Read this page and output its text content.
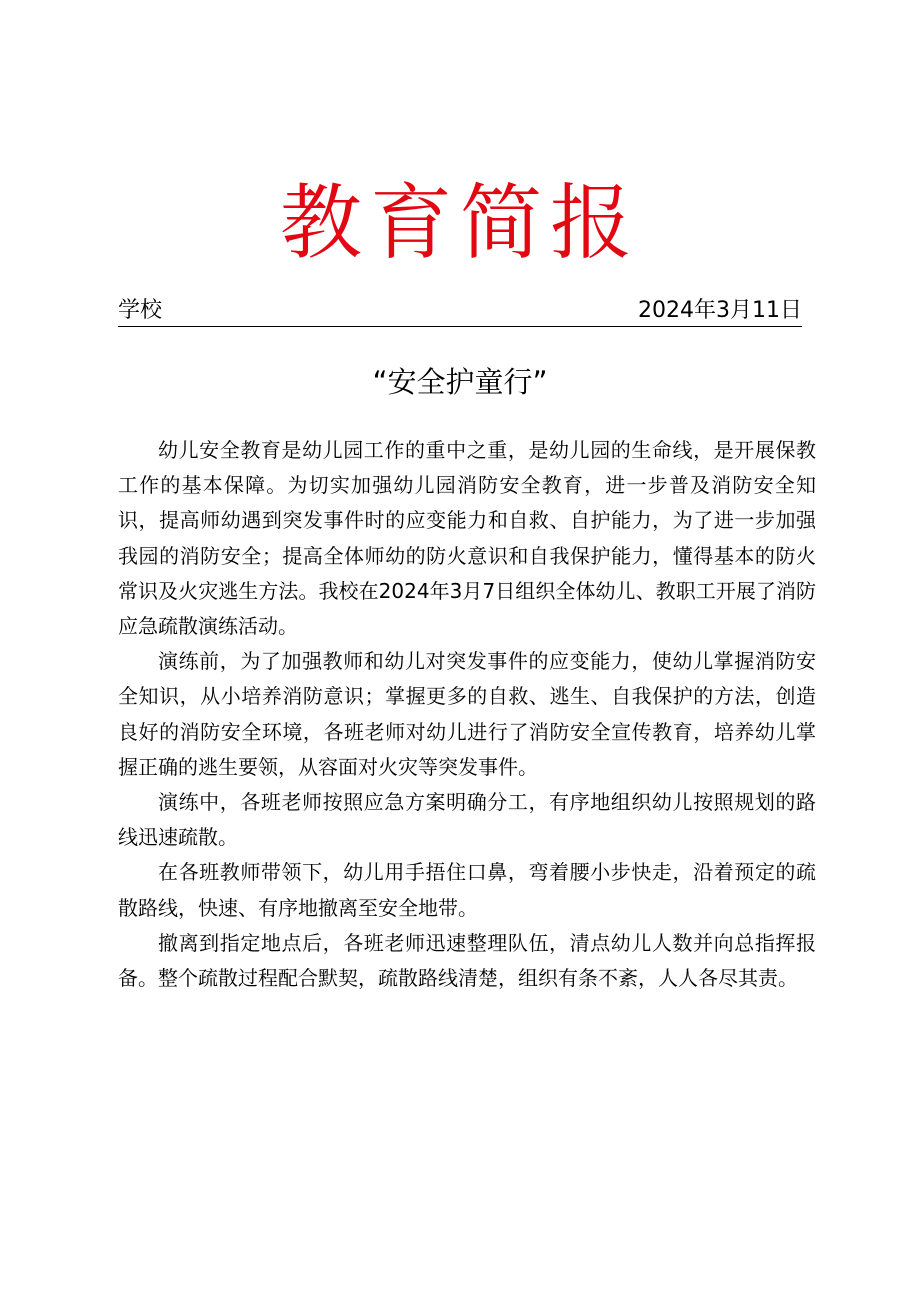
教育简报
学校	2024年3月11日
“安全护童行”

幼儿安全教育是幼儿园工作的重中之重，是幼儿园的生命线，是开展保教工作的基本保障。为切实加强幼儿园消防安全教育，进一步普及消防安全知识，提高师幼遇到突发事件时的应变能力和自救、自护能力，为了进一步加强我园的消防安全；提高全体师幼的防火意识和自我保护能力，懂得基本的防火常识及火灾逃生方法。我校在2024年3月7日组织全体幼儿、教职工开展了消防应急疏散演练活动。

演练前，为了加强教师和幼儿对突发事件的应变能力，使幼儿掌握消防安全知识，从小培养消防意识；掌握更多的自救、逃生、自我保护的方法，创造良好的消防安全环境，各班老师对幼儿进行了消防安全宣传教育，培养幼儿掌握正确的逃生要领，从容面对火灾等突发事件。

演练中，各班老师按照应急方案明确分工，有序地组织幼儿按照规划的路线迅速疏散。

在各班教师带领下，幼儿用手捂住口鼻，弯着腰小步快走，沿着预定的疏散路线，快速、有序地撤离至安全地带。

撤离到指定地点后，各班老师迅速整理队伍，清点幼儿人数并向总指挥报备。整个疏散过程配合默契，疏散路线清楚，组织有条不紊，人人各尽其责。
